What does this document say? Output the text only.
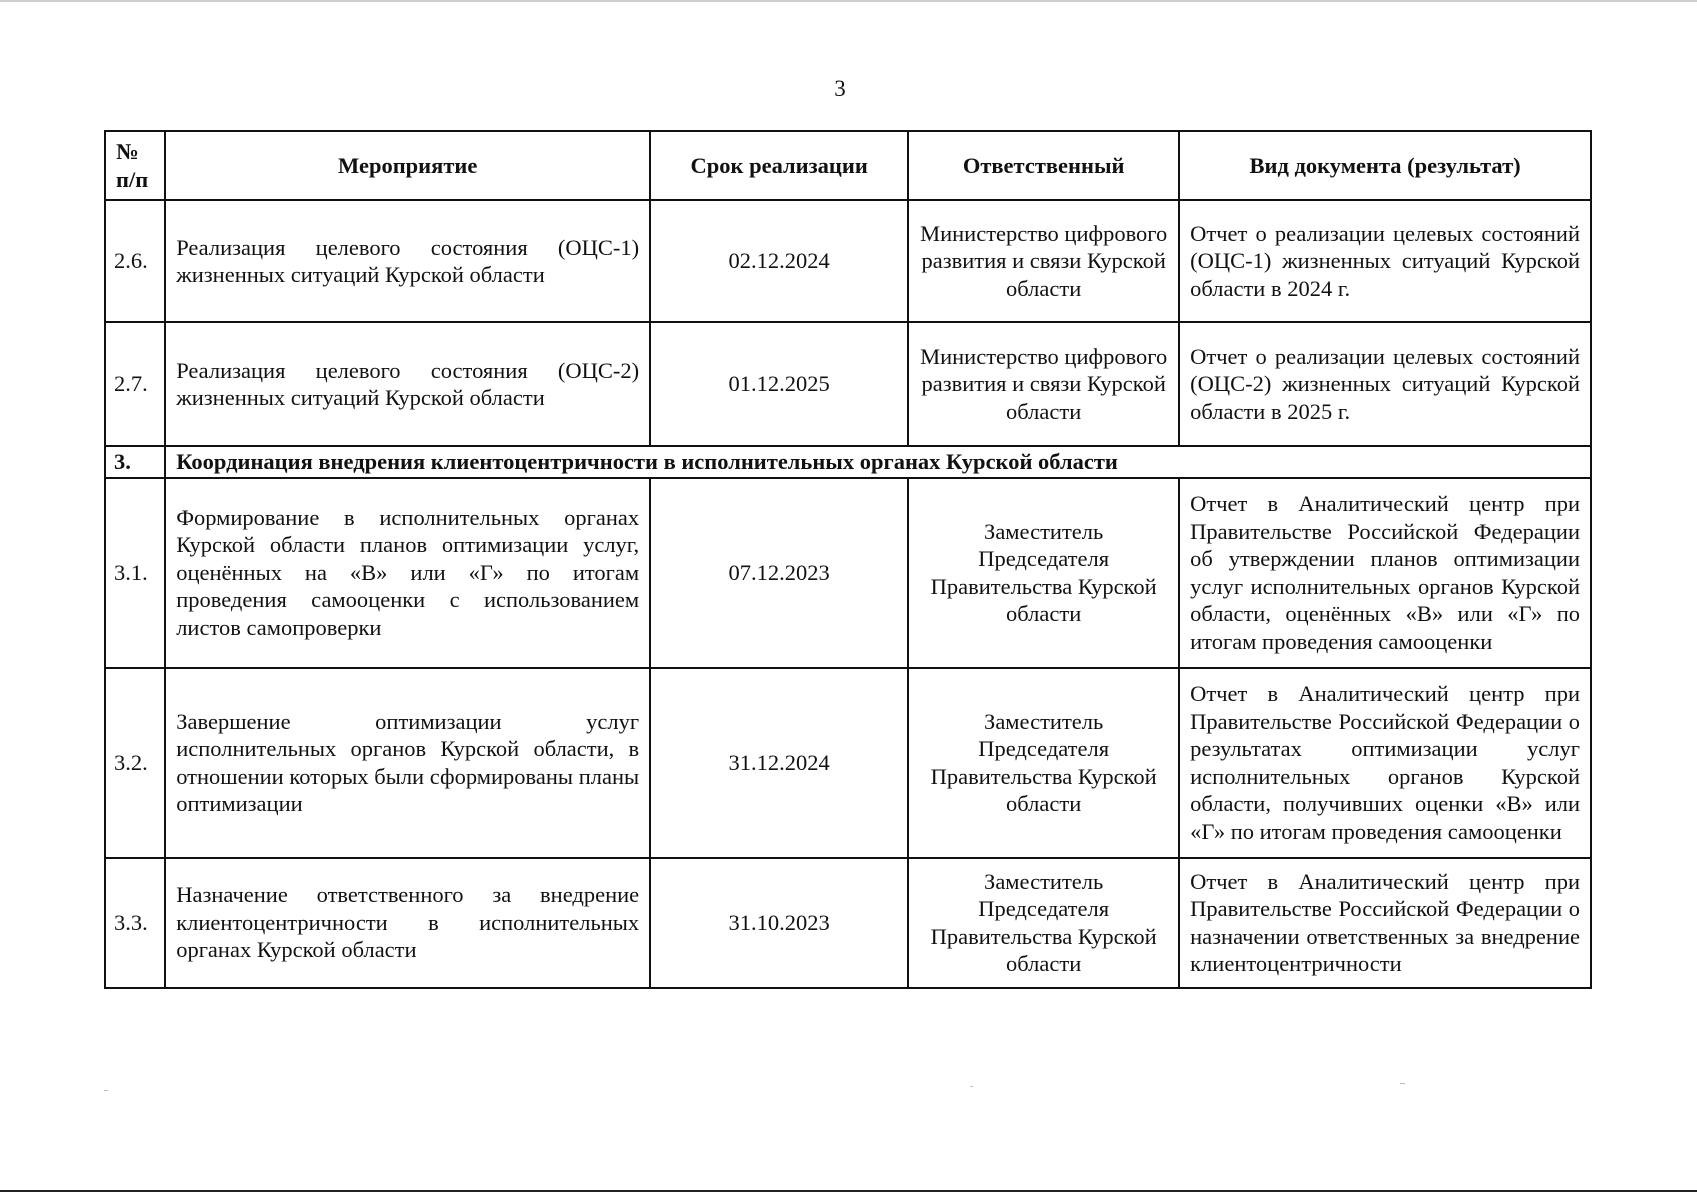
3
№ п/п	Мероприятие	Срок реализации	Ответственный	Вид документа (результат)
2.6.	Реализация целевого состояния (ОЦС-1) жизненных ситуаций Курской области	02.12.2024	Министерство цифрового развития и связи Курской области	Отчет о реализации целевых состояний (ОЦС-1) жизненных ситуаций Курской области в 2024 г.
2.7.	Реализация целевого состояния (ОЦС-2) жизненных ситуаций Курской области	01.12.2025	Министерство цифрового развития и связи Курской области	Отчет о реализации целевых состояний (ОЦС-2) жизненных ситуаций Курской области в 2025 г.
3.	Координация внедрения клиентоцентричности в исполнительных органах Курской области			
3.1.	Формирование в исполнительных органах Курской области планов оптимизации услуг, оценённых на «В» или «Г» по итогам проведения самооценки с использованием листов самопроверки	07.12.2023	Заместитель Председателя Правительства Курской области	Отчет в Аналитический центр при Правительстве Российской Федерации об утверждении планов оптимизации услуг исполнительных органов Курской области, оценённых «В» или «Г» по итогам проведения самооценки
3.2.	Завершение оптимизации услуг исполнительных органов Курской области, в отношении которых были сформированы планы оптимизации	31.12.2024	Заместитель Председателя Правительства Курской области	Отчет в Аналитический центр при Правительстве Российской Федерации о результатах оптимизации услуг исполнительных органов Курской области, получивших оценки «В» или «Г» по итогам проведения самооценки
3.3.	Назначение ответственного за внедрение клиентоцентричности в исполнительных органах Курской области	31.10.2023	Заместитель Председателя Правительства Курской области	Отчет в Аналитический центр при Правительстве Российской Федерации о назначении ответственных за внедрение клиентоцентричности
